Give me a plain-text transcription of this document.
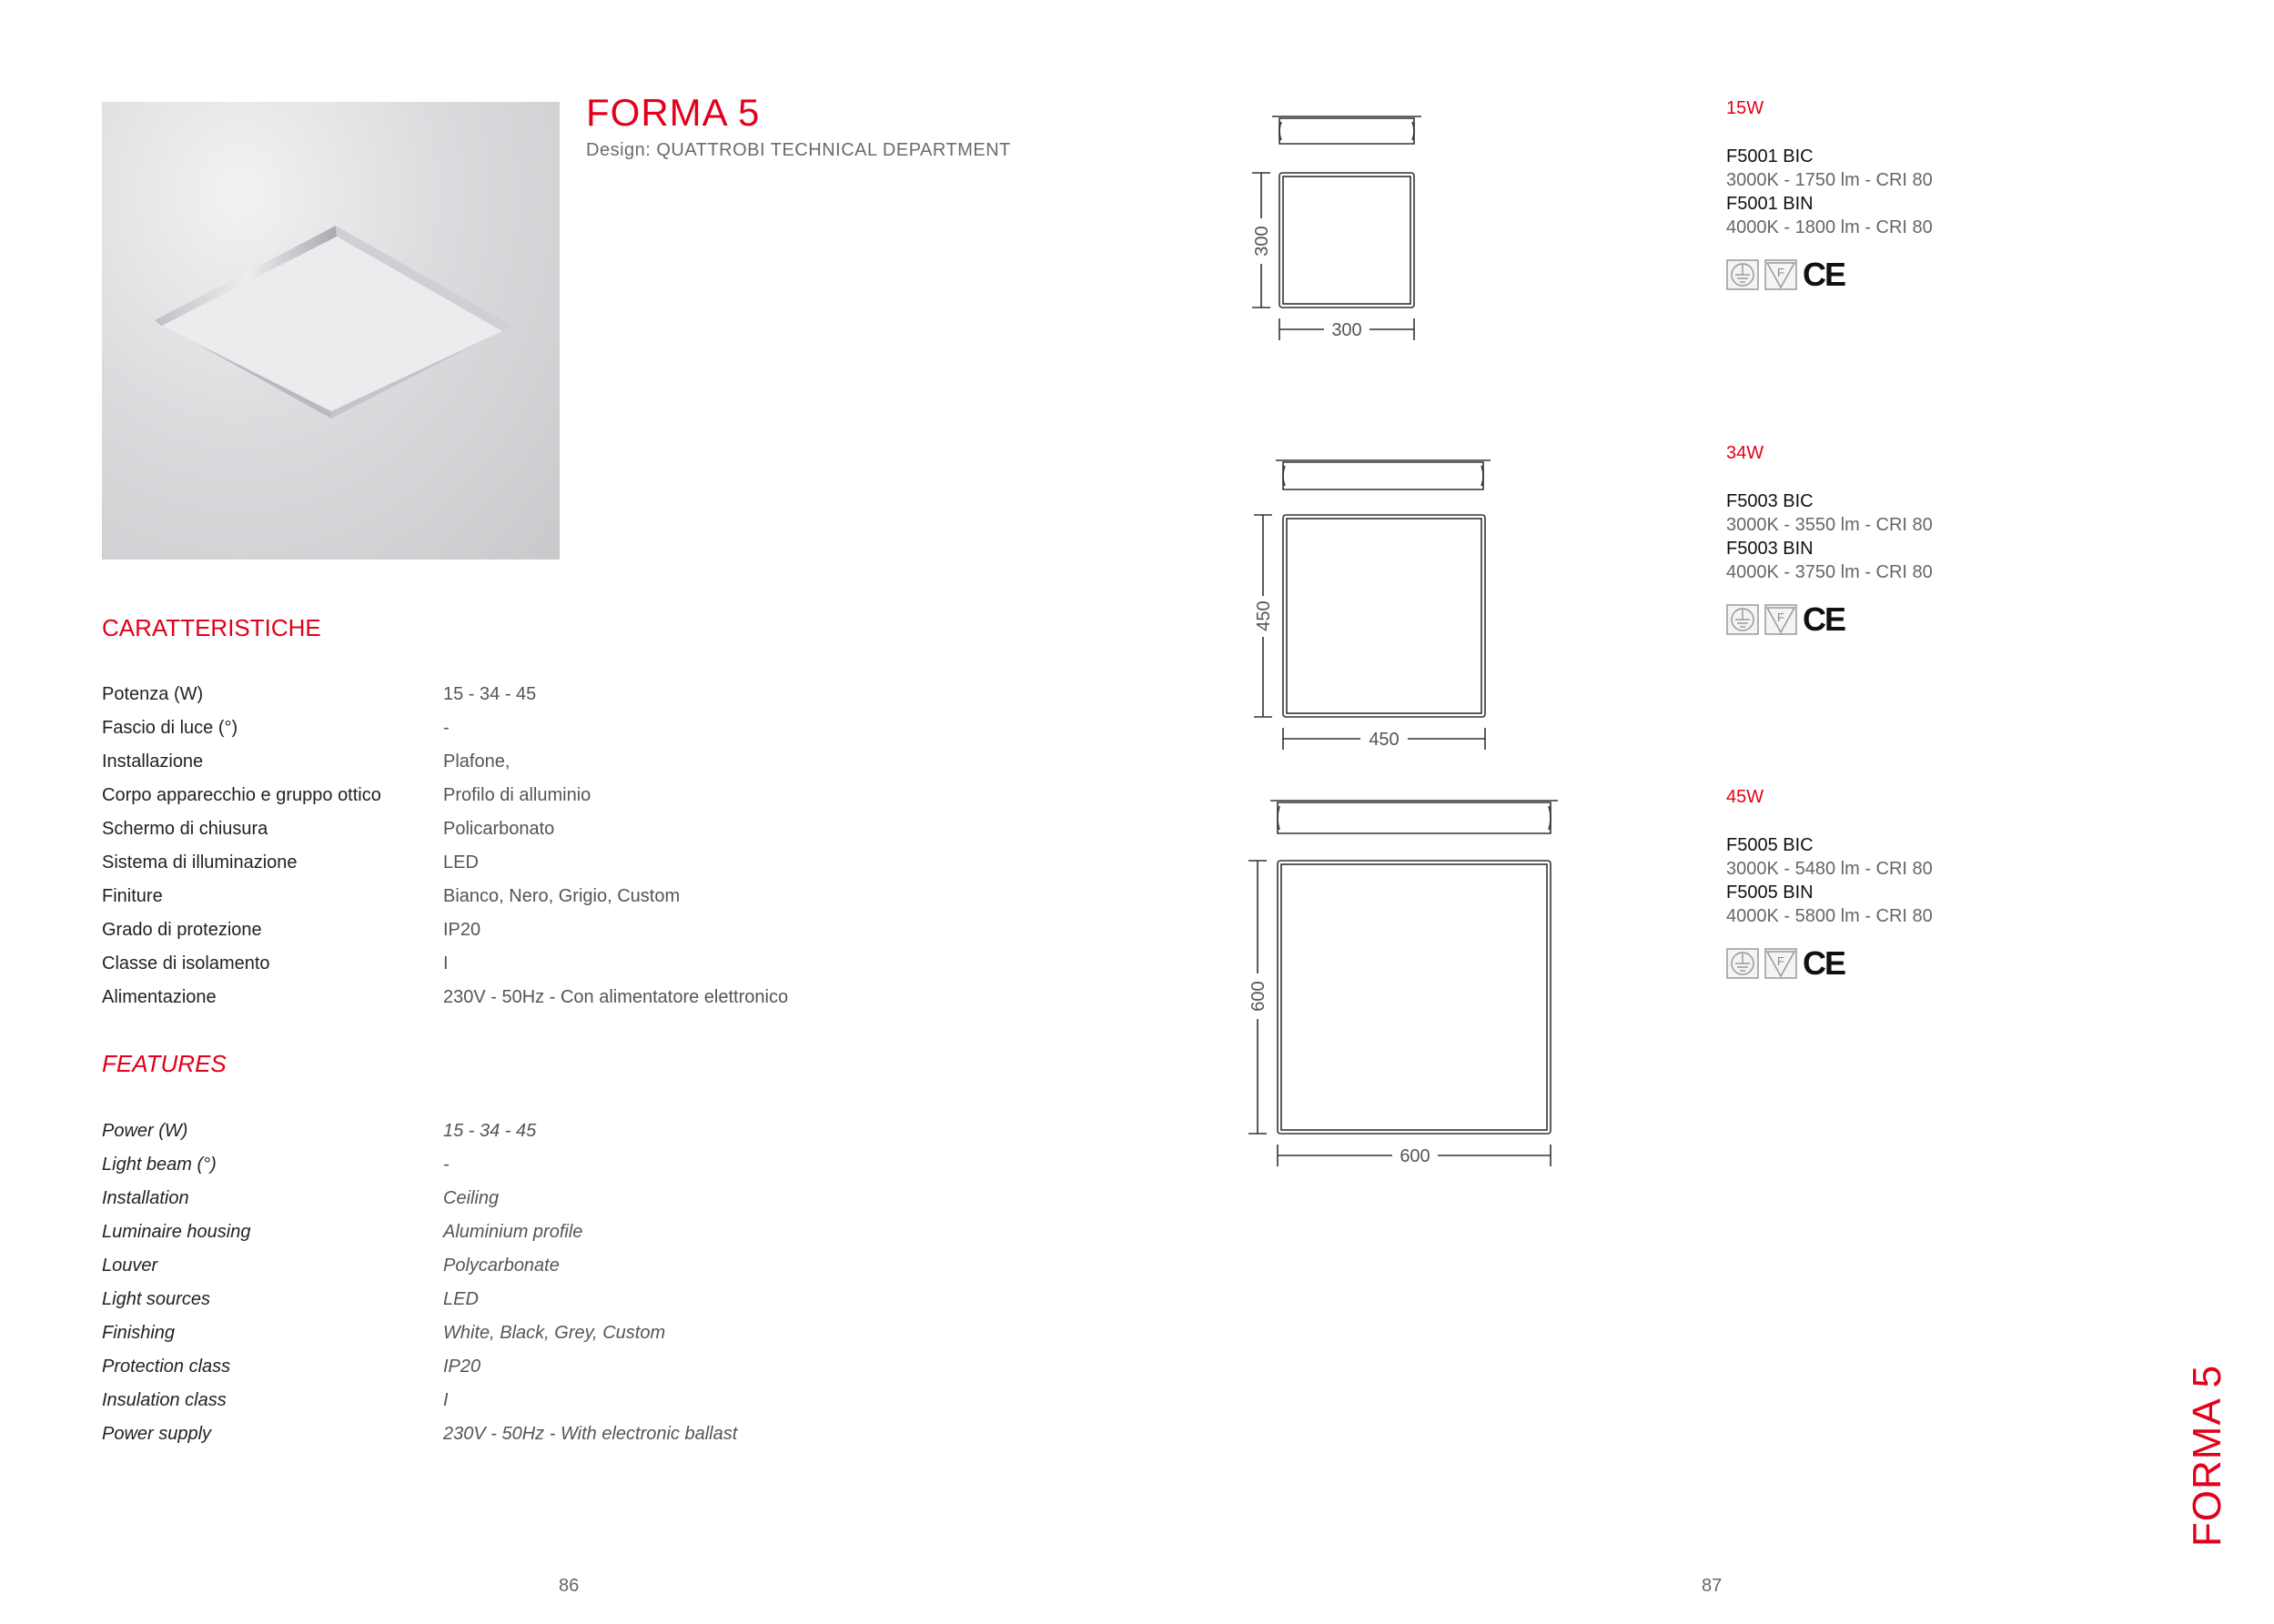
FORMA 5
Design: QUATTROBI TECHNICAL DEPARTMENT
CARATTERISTICHE
Potenza (W)	15 - 34 - 45
Fascio di luce (°)	-
Installazione	Plafone,
Corpo apparecchio e gruppo ottico	Profilo di alluminio
Schermo di chiusura	Policarbonato
Sistema di illuminazione	LED
Finiture	Bianco, Nero, Grigio, Custom
Grado di protezione	IP20
Classe di isolamento	I
Alimentazione	230V - 50Hz - Con alimentatore elettronico
FEATURES
Power (W)	15 - 34 - 45
Light beam (°)	-
Installation	Ceiling
Luminaire housing	Aluminium profile
Louver	Polycarbonate
Light sources	LED
Finishing	White, Black, Grey, Custom
Protection class	IP20
Insulation class	I
Power supply	230V - 50Hz - With electronic ballast
300
300
450
450
600
600
15W
F5001 BIC
3000K - 1750 lm - CRI 80
F5001 BIN
4000K - 1800 lm - CRI 80
F CE
34W
F5003 BIC
3000K - 3550 lm - CRI 80
F5003 BIN
4000K - 3750 lm - CRI 80
F CE
45W
F5005 BIC
3000K - 5480 lm - CRI 80
F5005 BIN
4000K - 5800 lm - CRI 80
F CE
FORMA 5
86	87
